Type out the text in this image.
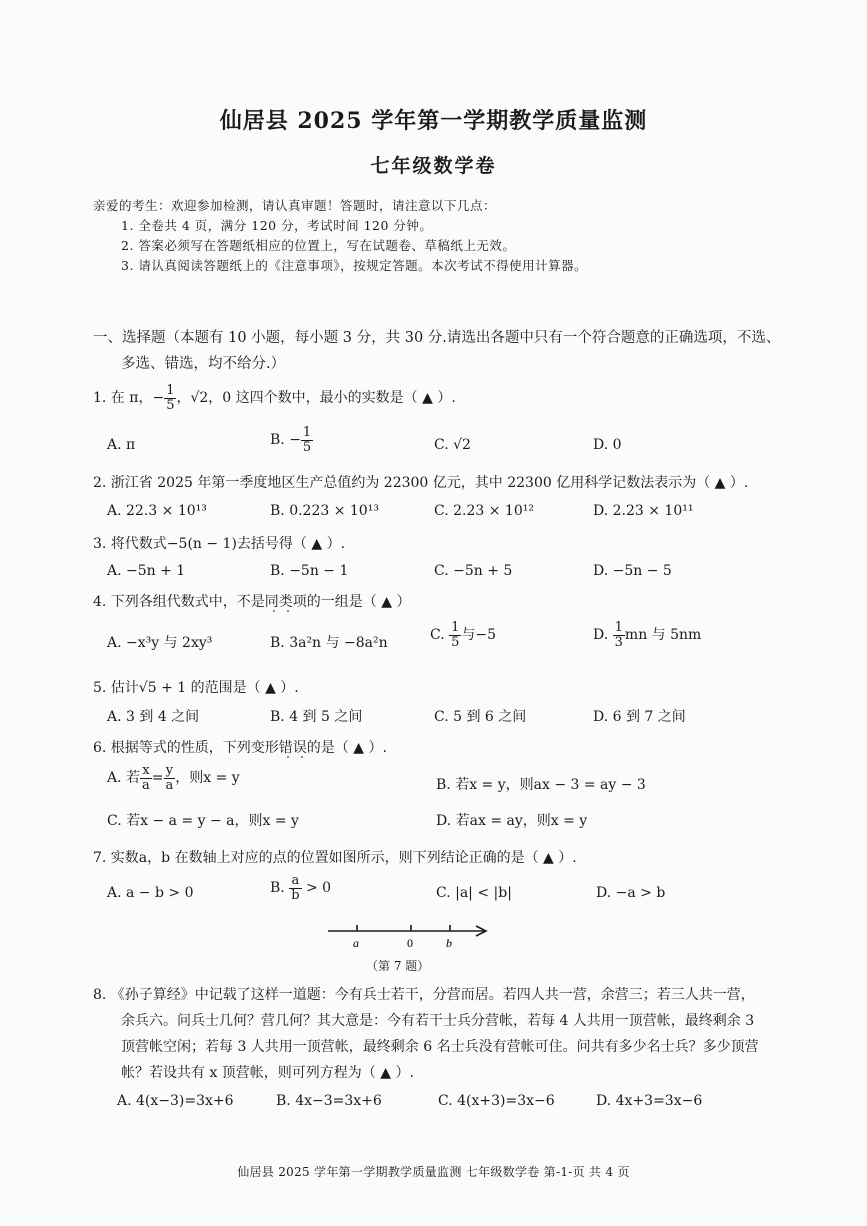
仙居县 2025 学年第一学期教学质量监测
七年级数学卷
亲爱的考生：欢迎参加检测，请认真审题！答题时，请注意以下几点：
1. 全卷共 4 页，满分 120 分，考试时间 120 分钟。
2. 答案必须写在答题纸相应的位置上，写在试题卷、草稿纸上无效。
3. 请认真阅读答题纸上的《注意事项》，按规定答题。本次考试不得使用计算器。
一、选择题（本题有 10 小题，每小题 3 分，共 30 分.请选出各题中只有一个符合题意的正确选项，不选、
多选、错选，均不给分.）
1. 在 π，− $\frac{1}{5}$ ，√2，0 这四个数中，最小的实数是（ ▲ ）.
A. π	B. − $\frac{1}{5}$	C. √2	D. 0
2. 浙江省 2025 年第一季度地区生产总值约为 22300 亿元，其中 22300 亿用科学记数法表示为（ ▲ ）.
A. 22.3 × 10¹³	B. 0.223 × 10¹³	C. 2.23 × 10¹²	D. 2.23 × 10¹¹
3. 将代数式−5(n − 1)去括号得（ ▲ ）.
A. −5n + 1	B. −5n − 1	C. −5n + 5	D. −5n − 5
4. 下列各组代数式中，不是同类项的一组是（ ▲ ）
A. −x³y 与 2xy³	B. 3a²n 与 −8a²n	C. $\frac{1}{5}$ 与−5	D. $\frac{1}{3}$ mn 与 5nm
5. 估计√5 + 1 的范围是（ ▲ ）.
A. 3 到 4 之间	B. 4 到 5 之间	C. 5 到 6 之间	D. 6 到 7 之间
6. 根据等式的性质，下列变形错误的是（ ▲ ）.
A. 若 $\frac{x}{a} = \frac{y}{a}$ ，则x = y	B. 若x = y，则ax − 3 = ay − 3
C. 若x − a = y − a，则x = y	D. 若ax = ay，则x = y
7. 实数a，b 在数轴上对应的点的位置如图所示，则下列结论正确的是（ ▲ ）.
A. a − b > 0	B. $\frac{a}{b} > 0$	C. |a| < |b|	D. −a > b
a	0	b
（第 7 题）
8. 《孙子算经》中记载了这样一道题：今有兵士若干，分营而居。若四人共一营，余营三；若三人共一营，
余兵六。问兵士几何？营几何？其大意是：今有若干士兵分营帐，若每 4 人共用一顶营帐，最终剩余 3
顶营帐空闲；若每 3 人共用一顶营帐，最终剩余 6 名士兵没有营帐可住。问共有多少名士兵？多少顶营
帐？若设共有 x 顶营帐，则可列方程为（ ▲ ）.
A. 4(x−3)=3x+6	B. 4x−3=3x+6	C. 4(x+3)=3x−6	D. 4x+3=3x−6
仙居县 2025 学年第一学期教学质量监测 七年级数学卷 第-1-页 共 4 页
